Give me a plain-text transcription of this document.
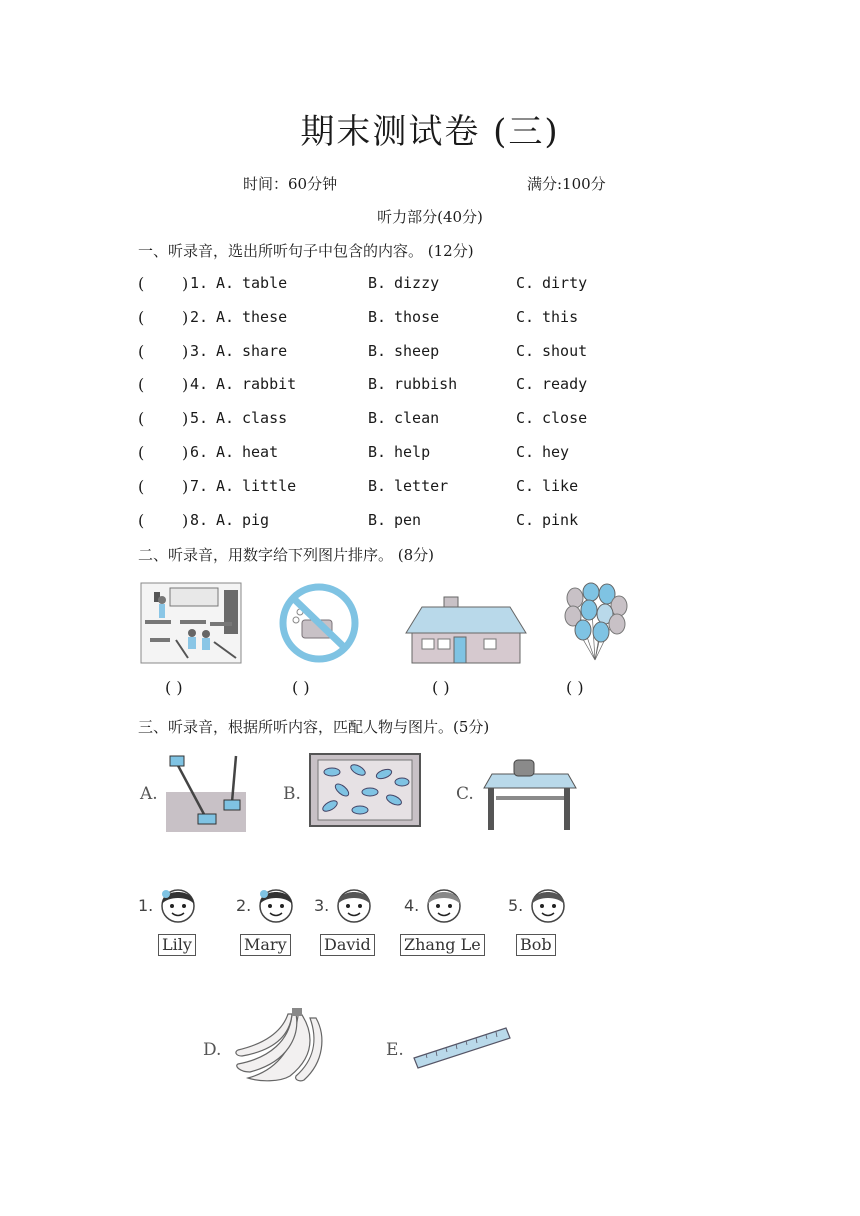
期末测试卷 (三)
时间：60分钟	满分:100分
听力部分(40分)
一、听录音，选出所听句子中包含的内容。 (12分)
( ) 1. A. table	B. dizzy	C. dirty
( ) 2. A. these	B. those	C. this
( ) 3. A. share	B. sheep	C. shout
( ) 4. A. rabbit	B. rubbish	C. ready
( ) 5. A. class	B. clean	C. close
( ) 6. A. heat	B. help	C. hey
( ) 7. A. little	B. letter	C. like
( ) 8. A. pig	B. pen	C. pink
二、听录音，用数字给下列图片排序。 (8分)
( )	( )	( )	( )
三、听录音，根据所听内容，匹配人物与图片。(5分)
A.	B.	C.
1.
Lily
2.
Mary
3.
David
4.
Zhang Le
5.
Bob
D.	E.
